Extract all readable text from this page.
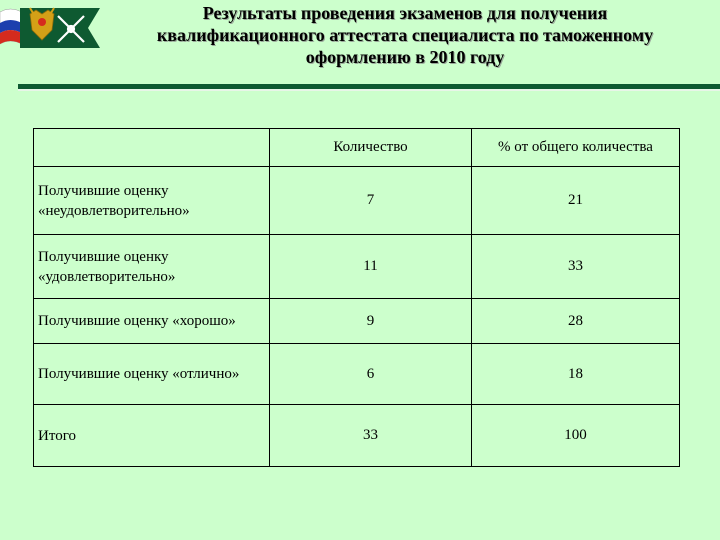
Результаты проведения экзаменов для получения
квалификационного аттестата специалиста по таможенному
оформлению в 2010 году
	Количество	% от общего количества
Получившие оценку «неудовлетворительно»	7	21
Получившие оценку «удовлетворительно»	11	33
Получившие оценку «хорошо»	9	28
Получившие оценку «отлично»	6	18
Итого	33	100
